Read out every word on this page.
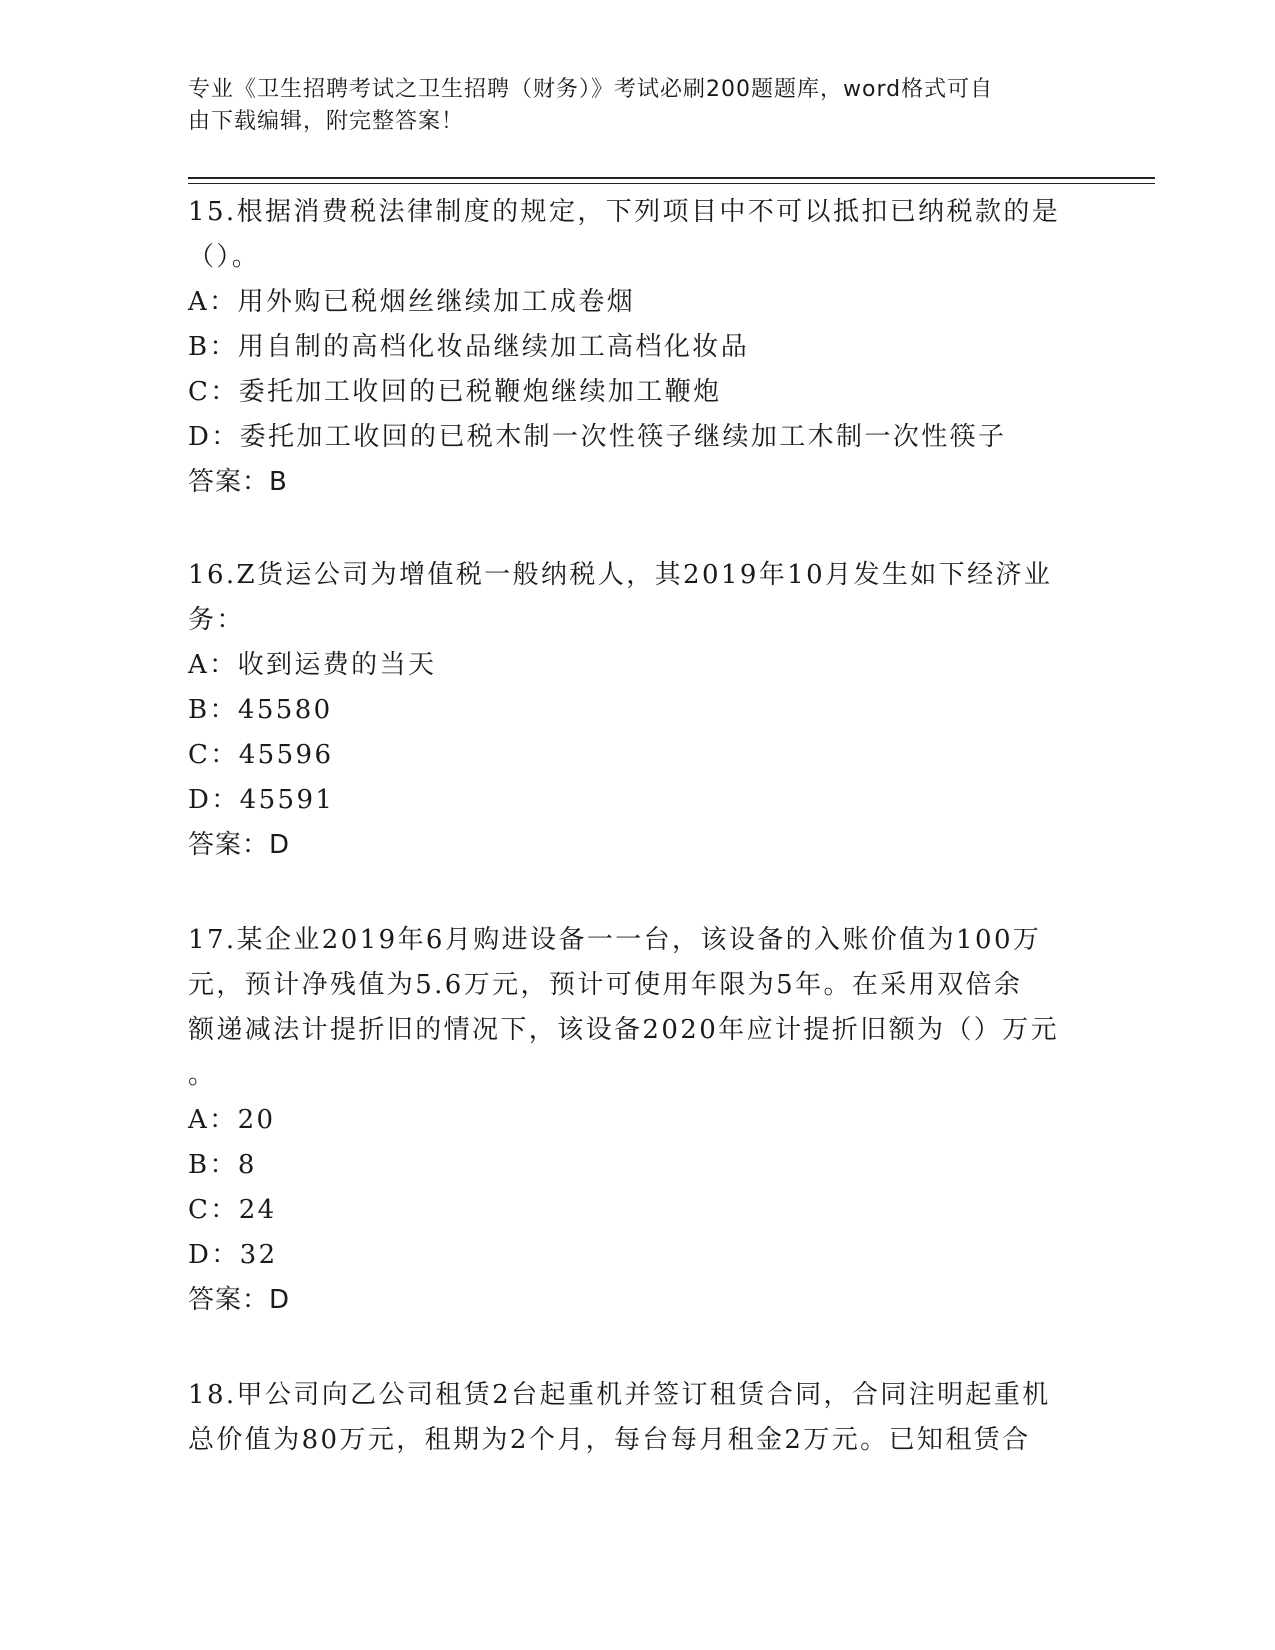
专业《卫生招聘考试之卫生招聘（财务）》考试必刷200题题库，word格式可自
由下载编辑，附完整答案！

15.根据消费税法律制度的规定，下列项目中不可以抵扣已纳税款的是

（）。

A：用外购已税烟丝继续加工成卷烟

B：用自制的高档化妆品继续加工高档化妆品

C：委托加工收回的已税鞭炮继续加工鞭炮

D：委托加工收回的已税木制一次性筷子继续加工木制一次性筷子

答案：B

16.Z货运公司为增值税一般纳税人，其2019年10月发生如下经济业

务：

A：收到运费的当天

B：45580

C：45596

D：45591

答案：D

17.某企业2019年6月购进设备一一台，该设备的入账价值为100万

元，预计净残值为5.6万元，预计可使用年限为5年。在采用双倍余

额递减法计提折旧的情况下，该设备2020年应计提折旧额为（）万元

。

A：20

B：8

C：24

D：32

答案：D

18.甲公司向乙公司租赁2台起重机并签订租赁合同，合同注明起重机

总价值为80万元，租期为2个月，每台每月租金2万元。已知租赁合
